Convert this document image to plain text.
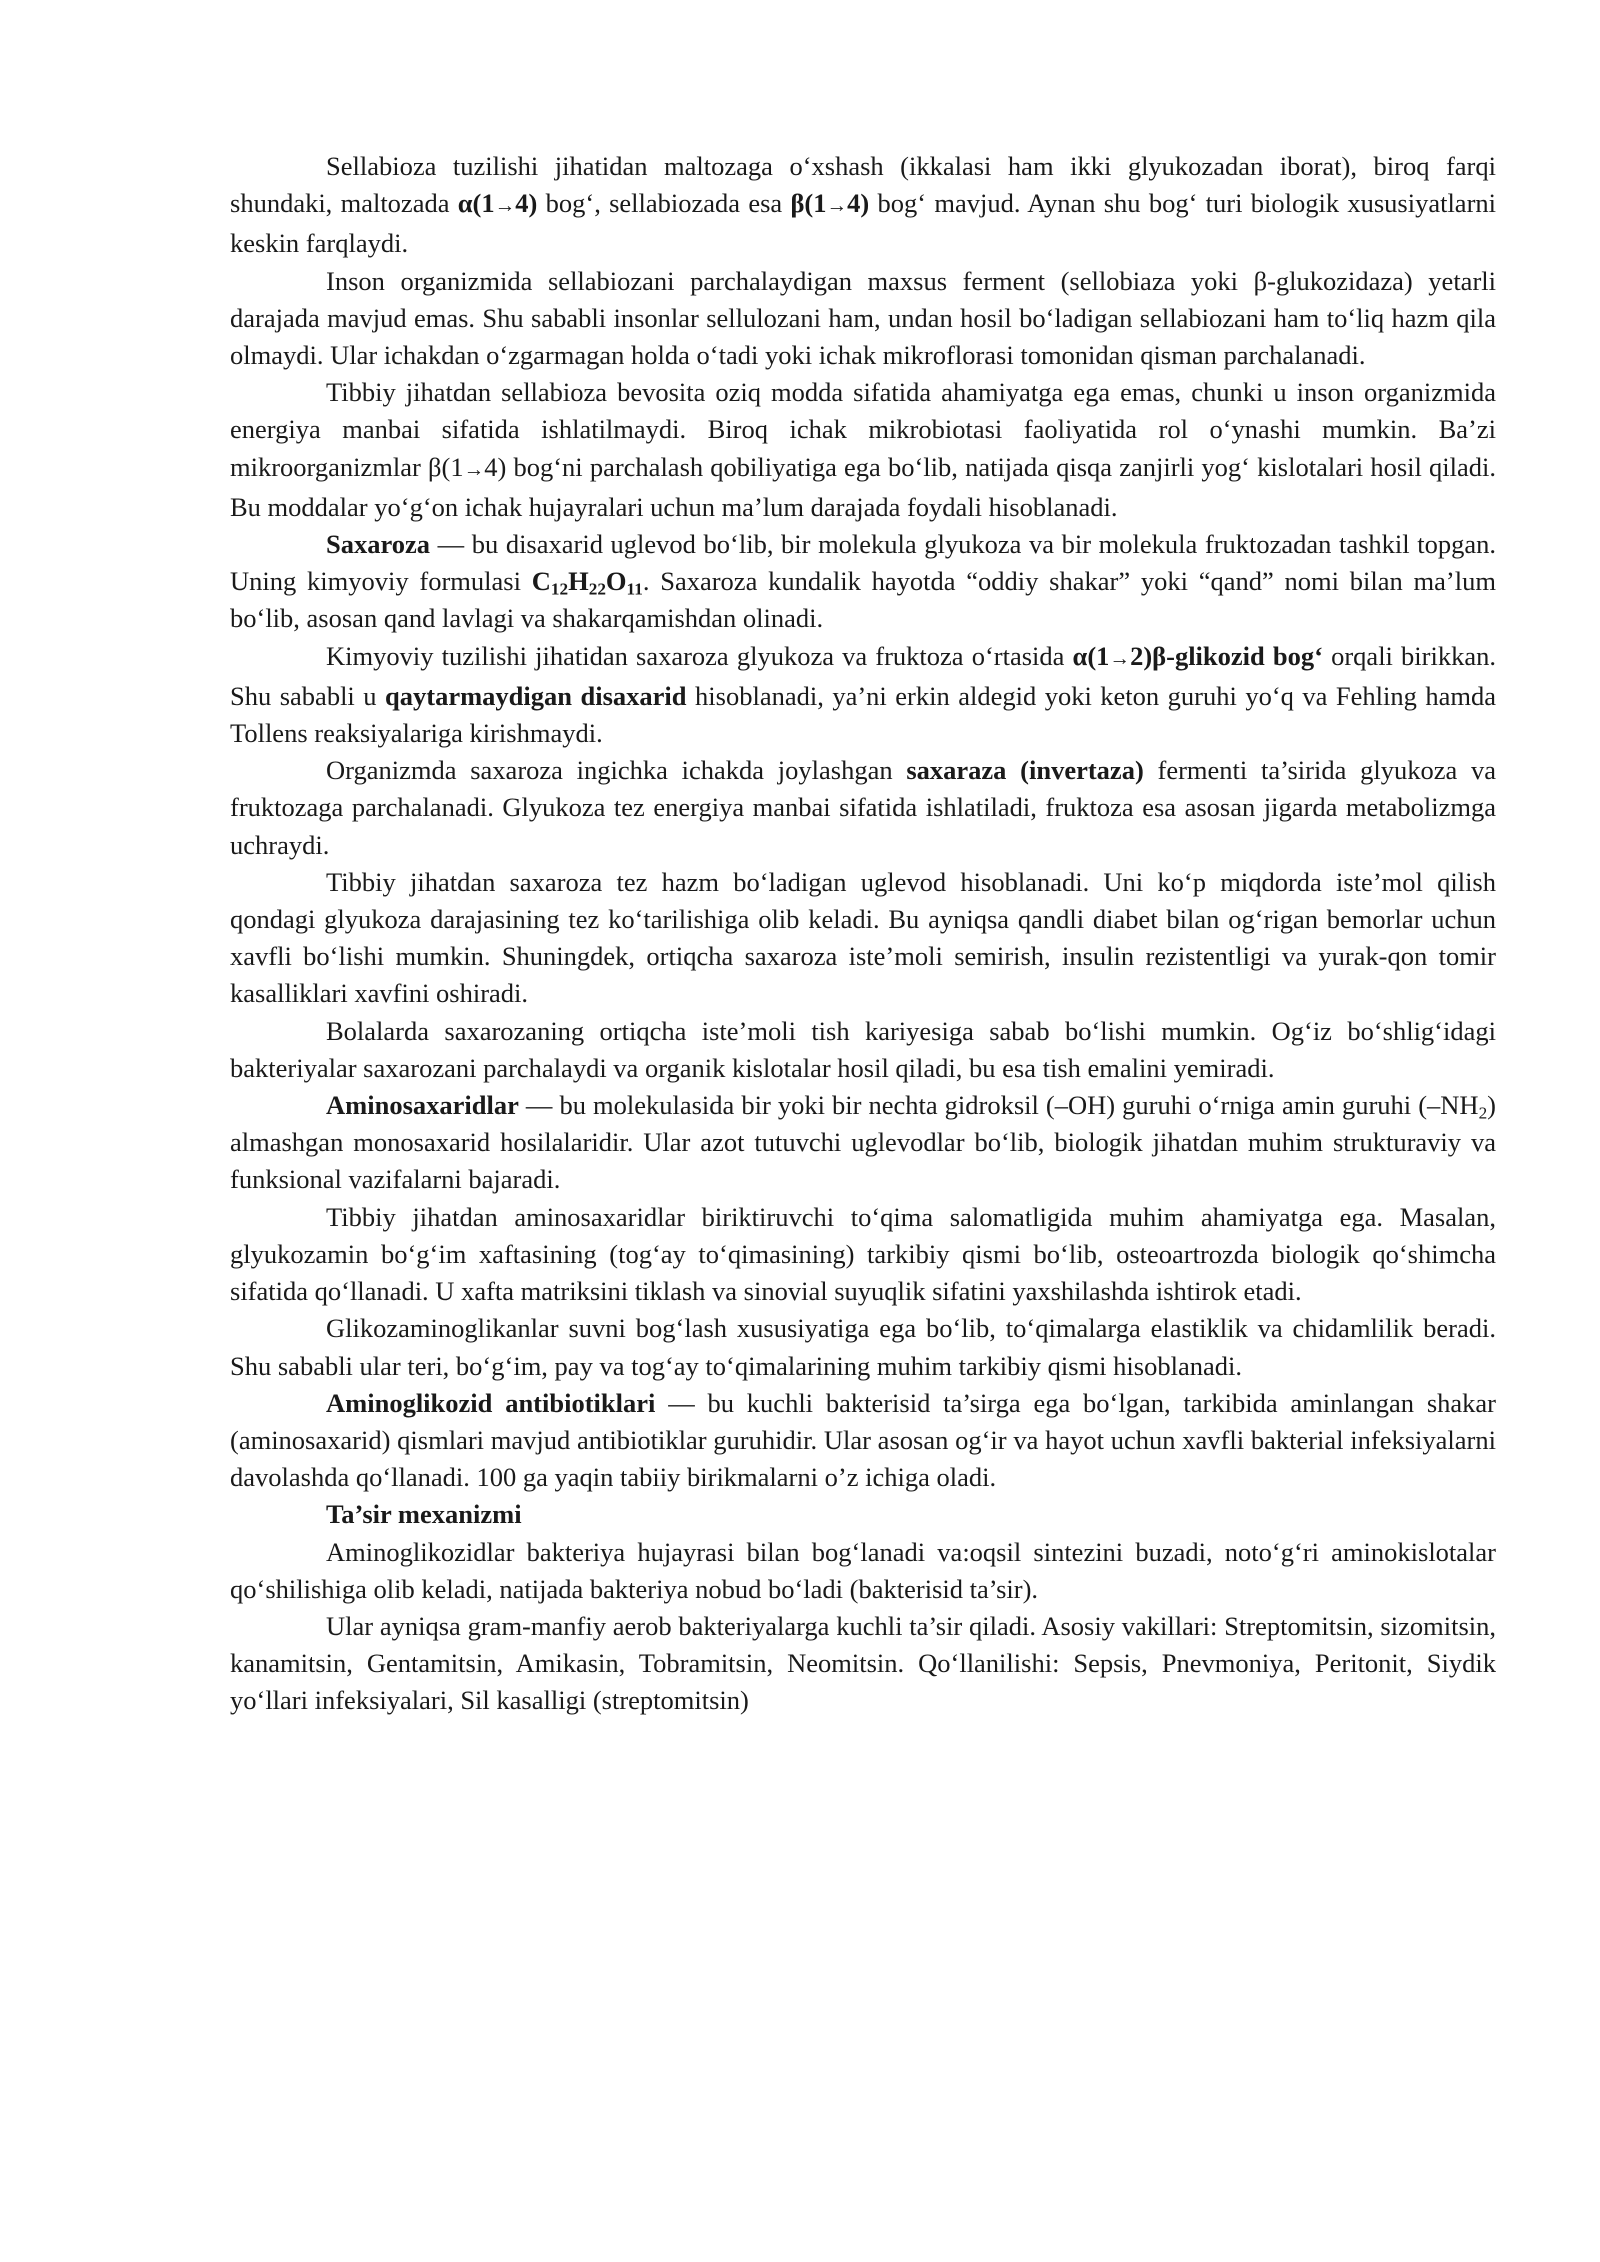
Sellabioza tuzilishi jihatidan maltozaga o‘xshash (ikkalasi ham ikki glyukozadan iborat), biroq farqi shundaki, maltozada α(1→4) bog‘, sellabiozada esa β(1→4) bog‘ mavjud. Aynan shu bog‘ turi biologik xususiyatlarni keskin farqlaydi.

Inson organizmida sellabiozani parchalaydigan maxsus ferment (sellobiaza yoki β-glukozidaza) yetarli darajada mavjud emas. Shu sababli insonlar sellulozani ham, undan hosil bo‘ladigan sellabiozani ham to‘liq hazm qila olmaydi. Ular ichakdan o‘zgarmagan holda o‘tadi yoki ichak mikroflorasi tomonidan qisman parchalanadi.

Tibbiy jihatdan sellabioza bevosita oziq modda sifatida ahamiyatga ega emas, chunki u inson organizmida energiya manbai sifatida ishlatilmaydi. Biroq ichak mikrobiotasi faoliyatida rol o‘ynashi mumkin. Ba’zi mikroorganizmlar β(1→4) bog‘ni parchalash qobiliyatiga ega bo‘lib, natijada qisqa zanjirli yog‘ kislotalari hosil qiladi. Bu moddalar yo‘g‘on ichak hujayralari uchun ma’lum darajada foydali hisoblanadi.

Saxaroza — bu disaxarid uglevod bo‘lib, bir molekula glyukoza va bir molekula fruktozadan tashkil topgan. Uning kimyoviy formulasi $C_{12}H_{22}O_{11}$. Saxaroza kundalik hayotda “oddiy shakar” yoki “qand” nomi bilan ma’lum bo‘lib, asosan qand lavlagi va shakarqamishdan olinadi.

Kimyoviy tuzilishi jihatidan saxaroza glyukoza va fruktoza o‘rtasida α(1→2)β-glikozid bog‘ orqali birikkan. Shu sababli u qaytarmaydigan disaxarid hisoblanadi, ya’ni erkin aldegid yoki keton guruhi yo‘q va Fehling hamda Tollens reaksiyalariga kirishmaydi.

Organizmda saxaroza ingichka ichakda joylashgan saxaraza (invertaza) fermenti ta’sirida glyukoza va fruktozaga parchalanadi. Glyukoza tez energiya manbai sifatida ishlatiladi, fruktoza esa asosan jigarda metabolizmga uchraydi.

Tibbiy jihatdan saxaroza tez hazm bo‘ladigan uglevod hisoblanadi. Uni ko‘p miqdorda iste’mol qilish qondagi glyukoza darajasining tez ko‘tarilishiga olib keladi. Bu ayniqsa qandli diabet bilan og‘rigan bemorlar uchun xavfli bo‘lishi mumkin. Shuningdek, ortiqcha saxaroza iste’moli semirish, insulin rezistentligi va yurak-qon tomir kasalliklari xavfini oshiradi.

Bolalarda saxarozaning ortiqcha iste’moli tish kariyesiga sabab bo‘lishi mumkin. Og‘iz bo‘shlig‘idagi bakteriyalar saxarozani parchalaydi va organik kislotalar hosil qiladi, bu esa tish emalini yemiradi.

Aminosaxaridlar — bu molekulasida bir yoki bir nechta gidroksil (–OH) guruhi o‘rniga amin guruhi $(-NH_2)$ almashgan monosaxarid hosilalaridir. Ular azot tutuvchi uglevodlar bo‘lib, biologik jihatdan muhim strukturaviy va funksional vazifalarni bajaradi.

Tibbiy jihatdan aminosaxaridlar biriktiruvchi to‘qima salomatligida muhim ahamiyatga ega. Masalan, glyukozamin bo‘g‘im xaftasining (tog‘ay to‘qimasining) tarkibiy qismi bo‘lib, osteoartrozda biologik qo‘shimcha sifatida qo‘llanadi. U xafta matriksini tiklash va sinovial suyuqlik sifatini yaxshilashda ishtirok etadi.

Glikozaminoglikanlar suvni bog‘lash xususiyatiga ega bo‘lib, to‘qimalarga elastiklik va chidamlilik beradi. Shu sababli ular teri, bo‘g‘im, pay va tog‘ay to‘qimalarining muhim tarkibiy qismi hisoblanadi.

Aminoglikozid antibiotiklari — bu kuchli bakterisid ta’sirga ega bo‘lgan, tarkibida aminlangan shakar (aminosaxarid) qismlari mavjud antibiotiklar guruhidir. Ular asosan og‘ir va hayot uchun xavfli bakterial infeksiyalarni davolashda qo‘llanadi. 100 ga yaqin tabiiy birikmalarni o’z ichiga oladi.

Ta’sir mexanizmi

Aminoglikozidlar bakteriya hujayrasi bilan bog‘lanadi va:oqsil sintezini buzadi, noto‘g‘ri aminokislotalar qo‘shilishiga olib keladi, natijada bakteriya nobud bo‘ladi (bakterisid ta’sir).

Ular ayniqsa gram-manfiy aerob bakteriyalarga kuchli ta’sir qiladi. Asosiy vakillari: Streptomitsin, sizomitsin, kanamitsin, Gentamitsin, Amikasin, Tobramitsin, Neomitsin. Qo‘llanilishi: Sepsis, Pnevmoniya, Peritonit, Siydik yo‘llari infeksiyalari, Sil kasalligi (streptomitsin)
